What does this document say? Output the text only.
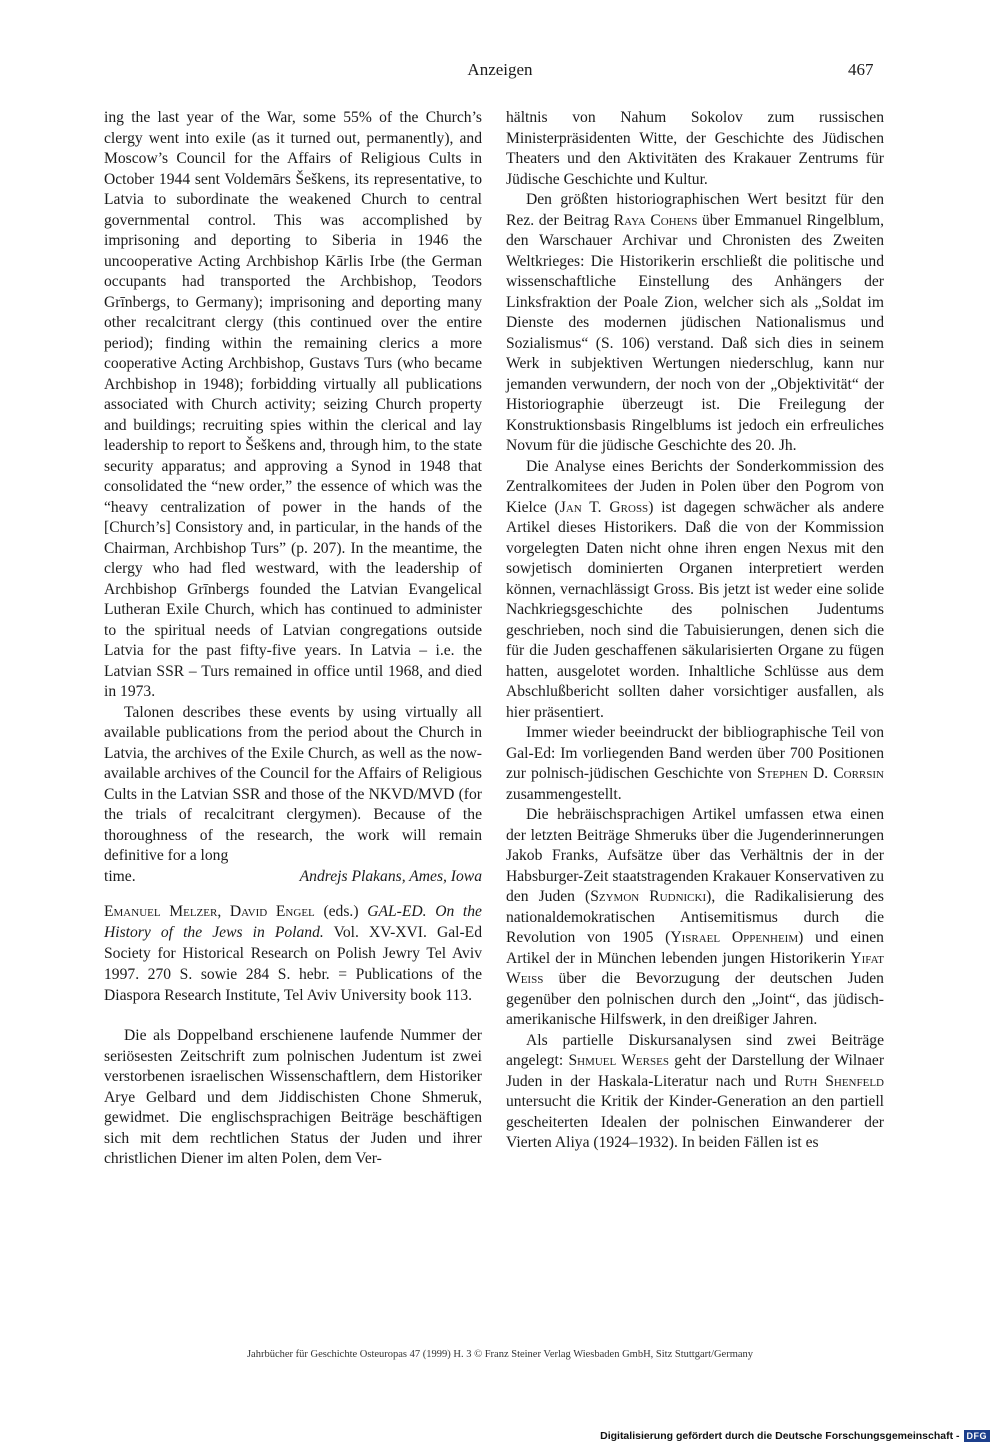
Anzeigen	467

ing the last year of the War, some 55% of the Church’s clergy went into exile (as it turned out, permanently), and Moscow’s Council for the Affairs of Religious Cults in October 1944 sent Voldemārs Šeškens, its representative, to Latvia to subordinate the weakened Church to central governmental control. This was accomplished by imprisoning and deporting to Siberia in 1946 the uncooperative Acting Archbishop Kārlis Irbe (the German occupants had transported the Archbishop, Teodors Grīnbergs, to Germany); imprisoning and deporting many other recalcitrant clergy (this continued over the entire period); finding within the remaining clerics a more cooperative Acting Archbishop, Gustavs Turs (who became Archbishop in 1948); forbidding virtually all publications associated with Church activity; seizing Church property and buildings; recruiting spies within the clerical and lay leadership to report to Šeškens and, through him, to the state security apparatus; and approving a Synod in 1948 that consolidated the “new order,” the essence of which was the “heavy centralization of power in the hands of the [Church’s] Consistory and, in particular, in the hands of the Chairman, Archbishop Turs” (p. 207). In the meantime, the clergy who had fled westward, with the leadership of Archbishop Grīnbergs founded the Latvian Evangelical Lutheran Exile Church, which has continued to administer to the spiritual needs of Latvian congregations outside Latvia for the past fifty-five years. In Latvia – i.e. the Latvian SSR – Turs remained in office until 1968, and died in 1973.

Talonen describes these events by using virtually all available publications from the period about the Church in Latvia, the archives of the Exile Church, as well as the now-available archives of the Council for the Affairs of Religious Cults in the Latvian SSR and those of the NKVD/MVD (for the trials of recalcitrant clergymen). Because of the thoroughness of the research, the work will remain definitive for a long

time.	Andrejs Plakans, Ames, Iowa

Emanuel Melzer, David Engel (eds.) GAL-ED. On the History of the Jews in Poland. Vol. XV-XVI. Gal-Ed Society for Historical Research on Polish Jewry Tel Aviv 1997. 270 S. sowie 284 S. hebr. = Publications of the Diaspora Research Institute, Tel Aviv University book 113.

Die als Doppelband erschienene laufende Nummer der seriösesten Zeitschrift zum polnischen Judentum ist zwei verstorbenen israelischen Wissenschaftlern, dem Historiker Arye Gelbard und dem Jiddischisten Chone Shmeruk, gewidmet. Die englischsprachigen Beiträge beschäftigen sich mit dem rechtlichen Status der Juden und ihrer christlichen Diener im alten Polen, dem Ver-

hältnis von Nahum Sokolov zum russischen Ministerpräsidenten Witte, der Geschichte des Jüdischen Theaters und den Aktivitäten des Krakauer Zentrums für Jüdische Geschichte und Kultur.

Den größten historiographischen Wert besitzt für den Rez. der Beitrag Raya Cohens über Emmanuel Ringelblum, den Warschauer Archivar und Chronisten des Zweiten Weltkrieges: Die Historikerin erschließt die politische und wissenschaftliche Einstellung des Anhängers der Linksfraktion der Poale Zion, welcher sich als „Soldat im Dienste des modernen jüdischen Nationalismus und Sozialismus“ (S. 106) verstand. Daß sich dies in seinem Werk in subjektiven Wertungen niederschlug, kann nur jemanden verwundern, der noch von der „Objektivität“ der Historiographie überzeugt ist. Die Freilegung der Konstruktionsbasis Ringelblums ist jedoch ein erfreuliches Novum für die jüdische Geschichte des 20. Jh.

Die Analyse eines Berichts der Sonderkommission des Zentralkomitees der Juden in Polen über den Pogrom von Kielce (Jan T. Gross) ist dagegen schwächer als andere Artikel dieses Historikers. Daß die von der Kommission vorgelegten Daten nicht ohne ihren engen Nexus mit den sowjetisch dominierten Organen interpretiert werden können, vernachlässigt Gross. Bis jetzt ist weder eine solide Nachkriegsgeschichte des polnischen Judentums geschrieben, noch sind die Tabuisierungen, denen sich die für die Juden geschaffenen säkularisierten Organe zu fügen hatten, ausgelotet worden. Inhaltliche Schlüsse aus dem Abschlußbericht sollten daher vorsichtiger ausfallen, als hier präsentiert.

Immer wieder beeindruckt der bibliographische Teil von Gal-Ed: Im vorliegenden Band werden über 700 Positionen zur polnisch-jüdischen Geschichte von Stephen D. Corrsin zusammengestellt.

Die hebräischsprachigen Artikel umfassen etwa einen der letzten Beiträge Shmeruks über die Jugenderinnerungen Jakob Franks, Aufsätze über das Verhältnis der in der Habsburger-Zeit staatstragenden Krakauer Konservativen zu den Juden (Szymon Rudnicki), die Radikalisierung des nationaldemokratischen Antisemitismus durch die Revolution von 1905 (Yisrael Oppenheim) und einen Artikel der in München lebenden jungen Historikerin Yifat Weiss über die Bevorzugung der deutschen Juden gegenüber den polnischen durch den „Joint“, das jüdisch-amerikanische Hilfswerk, in den dreißiger Jahren.

Als partielle Diskursanalysen sind zwei Beiträge angelegt: Shmuel Werses geht der Darstellung der Wilnaer Juden in der Haskala-Literatur nach und Ruth Shenfeld untersucht die Kritik der Kinder-Generation an den partiell gescheiterten Idealen der polnischen Einwanderer der Vierten Aliya (1924–1932). In beiden Fällen ist es

Jahrbücher für Geschichte Osteuropas 47 (1999) H. 3 © Franz Steiner Verlag Wiesbaden GmbH, Sitz Stuttgart/Germany
Digitalisierung gefördert durch die Deutsche Forschungsgemeinschaft - DFG
